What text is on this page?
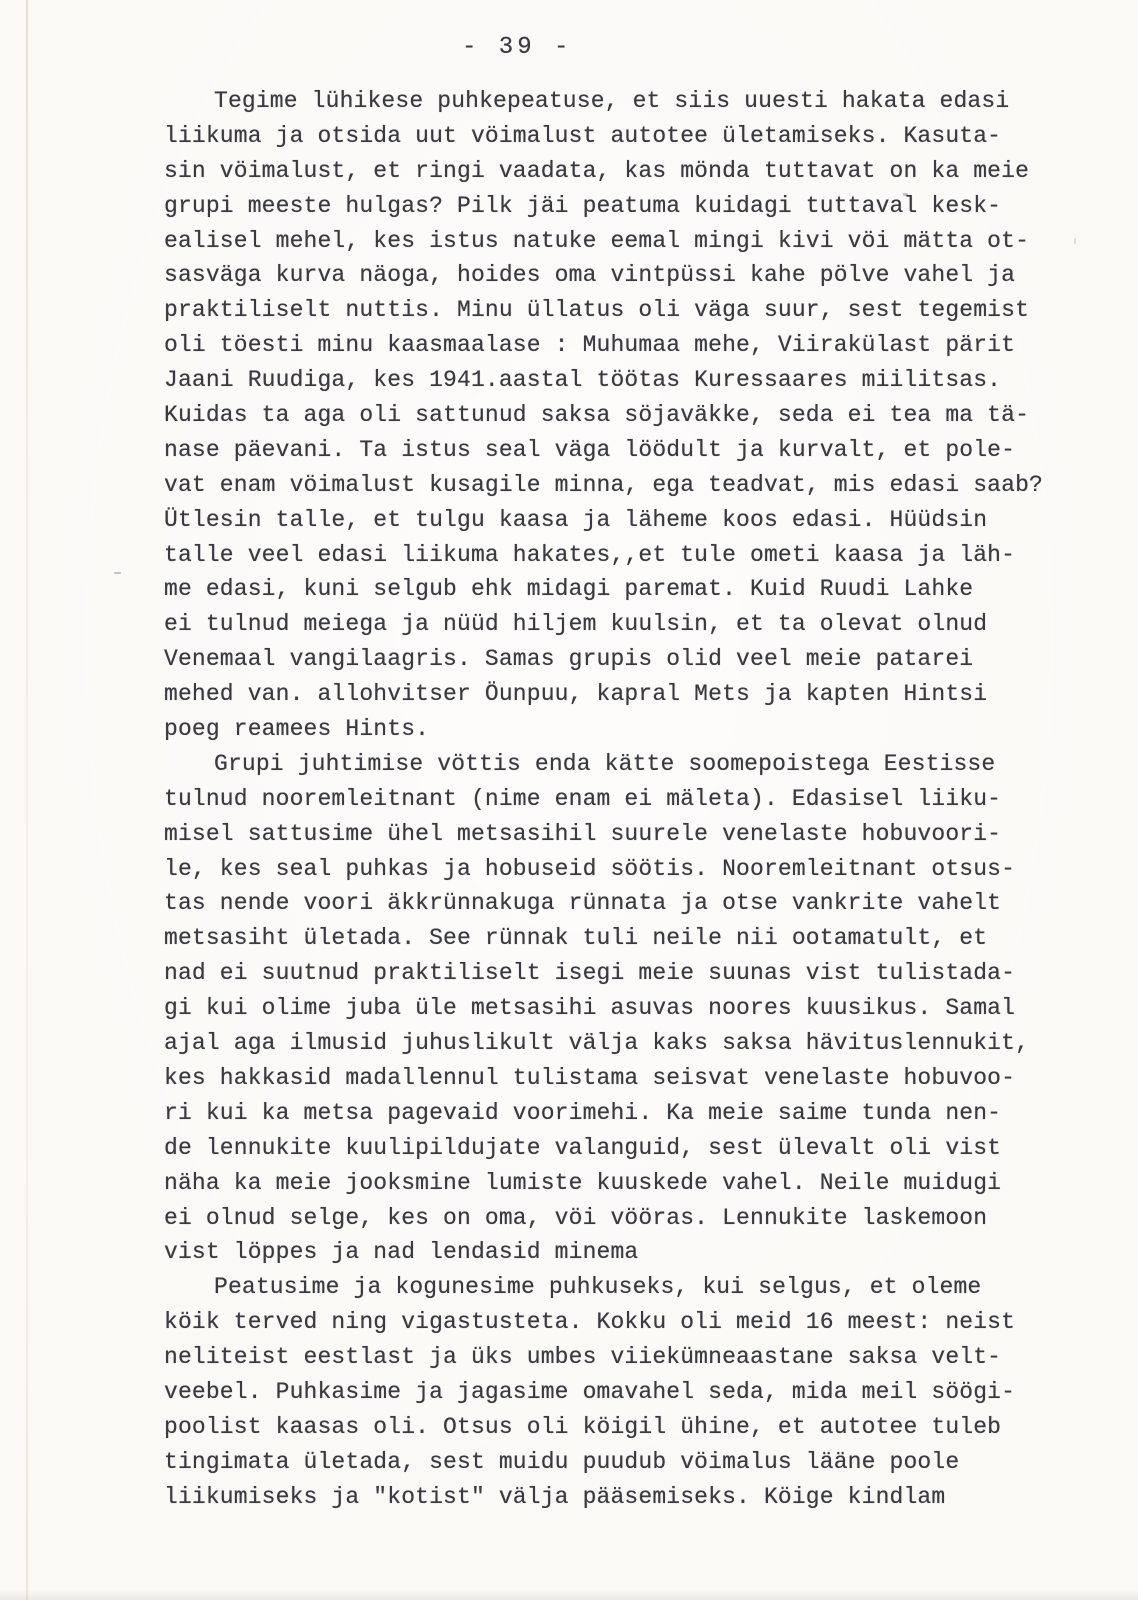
- 39 -
Tegime lühikese puhkepeatuse, et siis uuesti hakata edasi
liikuma ja otsida uut vöimalust autotee ületamiseks. Kasuta-
sin vöimalust, et ringi vaadata, kas mönda tuttavat on ka meie
grupi meeste hulgas? Pilk jäi peatuma kuidagi tuttaval kesk-
ealisel mehel, kes istus natuke eemal mingi kivi vöi mätta ot-
sasväga kurva näoga, hoides oma vintpüssi kahe pölve vahel ja
praktiliselt nuttis. Minu üllatus oli väga suur, sest tegemist
oli töesti minu kaasmaalase : Muhumaa mehe, Viirakülast pärit
Jaani Ruudiga, kes 1941.aastal töötas Kuressaares miilitsas.
Kuidas ta aga oli sattunud saksa söjaväkke, seda ei tea ma tä-
nase päevani. Ta istus seal väga löödult ja kurvalt, et pole-
vat enam vöimalust kusagile minna, ega teadvat, mis edasi saab?
Ütlesin talle, et tulgu kaasa ja läheme koos edasi. Hüüdsin
talle veel edasi liikuma hakates,,et tule ometi kaasa ja läh-
me edasi, kuni selgub ehk midagi paremat. Kuid Ruudi Lahke
ei tulnud meiega ja nüüd hiljem kuulsin, et ta olevat olnud
Venemaal vangilaagris. Samas grupis olid veel meie patarei
mehed van. allohvitser Öunpuu, kapral Mets ja kapten Hintsi
poeg reamees Hints.
Grupi juhtimise vöttis enda kätte soomepoistega Eestisse
tulnud nooremleitnant (nime enam ei mäleta). Edasisel liiku-
misel sattusime ühel metsasihil suurele venelaste hobuvoori-
le, kes seal puhkas ja hobuseid söötis. Nooremleitnant otsus-
tas nende voori äkkrünnakuga rünnata ja otse vankrite vahelt
metsasiht ületada. See rünnak tuli neile nii ootamatult, et
nad ei suutnud praktiliselt isegi meie suunas vist tulistada-
gi kui olime juba üle metsasihi asuvas noores kuusikus. Samal
ajal aga ilmusid juhuslikult välja kaks saksa hävituslennukit,
kes hakkasid madallennul tulistama seisvat venelaste hobuvoo-
ri kui ka metsa pagevaid voorimehi. Ka meie saime tunda nen-
de lennukite kuulipildujate valanguid, sest ülevalt oli vist
näha ka meie jooksmine lumiste kuuskede vahel. Neile muidugi
ei olnud selge, kes on oma, vöi vööras. Lennukite laskemoon
vist löppes ja nad lendasid minema
Peatusime ja kogunesime puhkuseks, kui selgus, et oleme
köik terved ning vigastusteta. Kokku oli meid 16 meest: neist
neliteist eestlast ja üks umbes viiekümneaastane saksa velt-
veebel. Puhkasime ja jagasime omavahel seda, mida meil söögi-
poolist kaasas oli. Otsus oli köigil ühine, et autotee tuleb
tingimata ületada, sest muidu puudub vöimalus lääne poole
liikumiseks ja "kotist" välja pääsemiseks. Köige kindlam
